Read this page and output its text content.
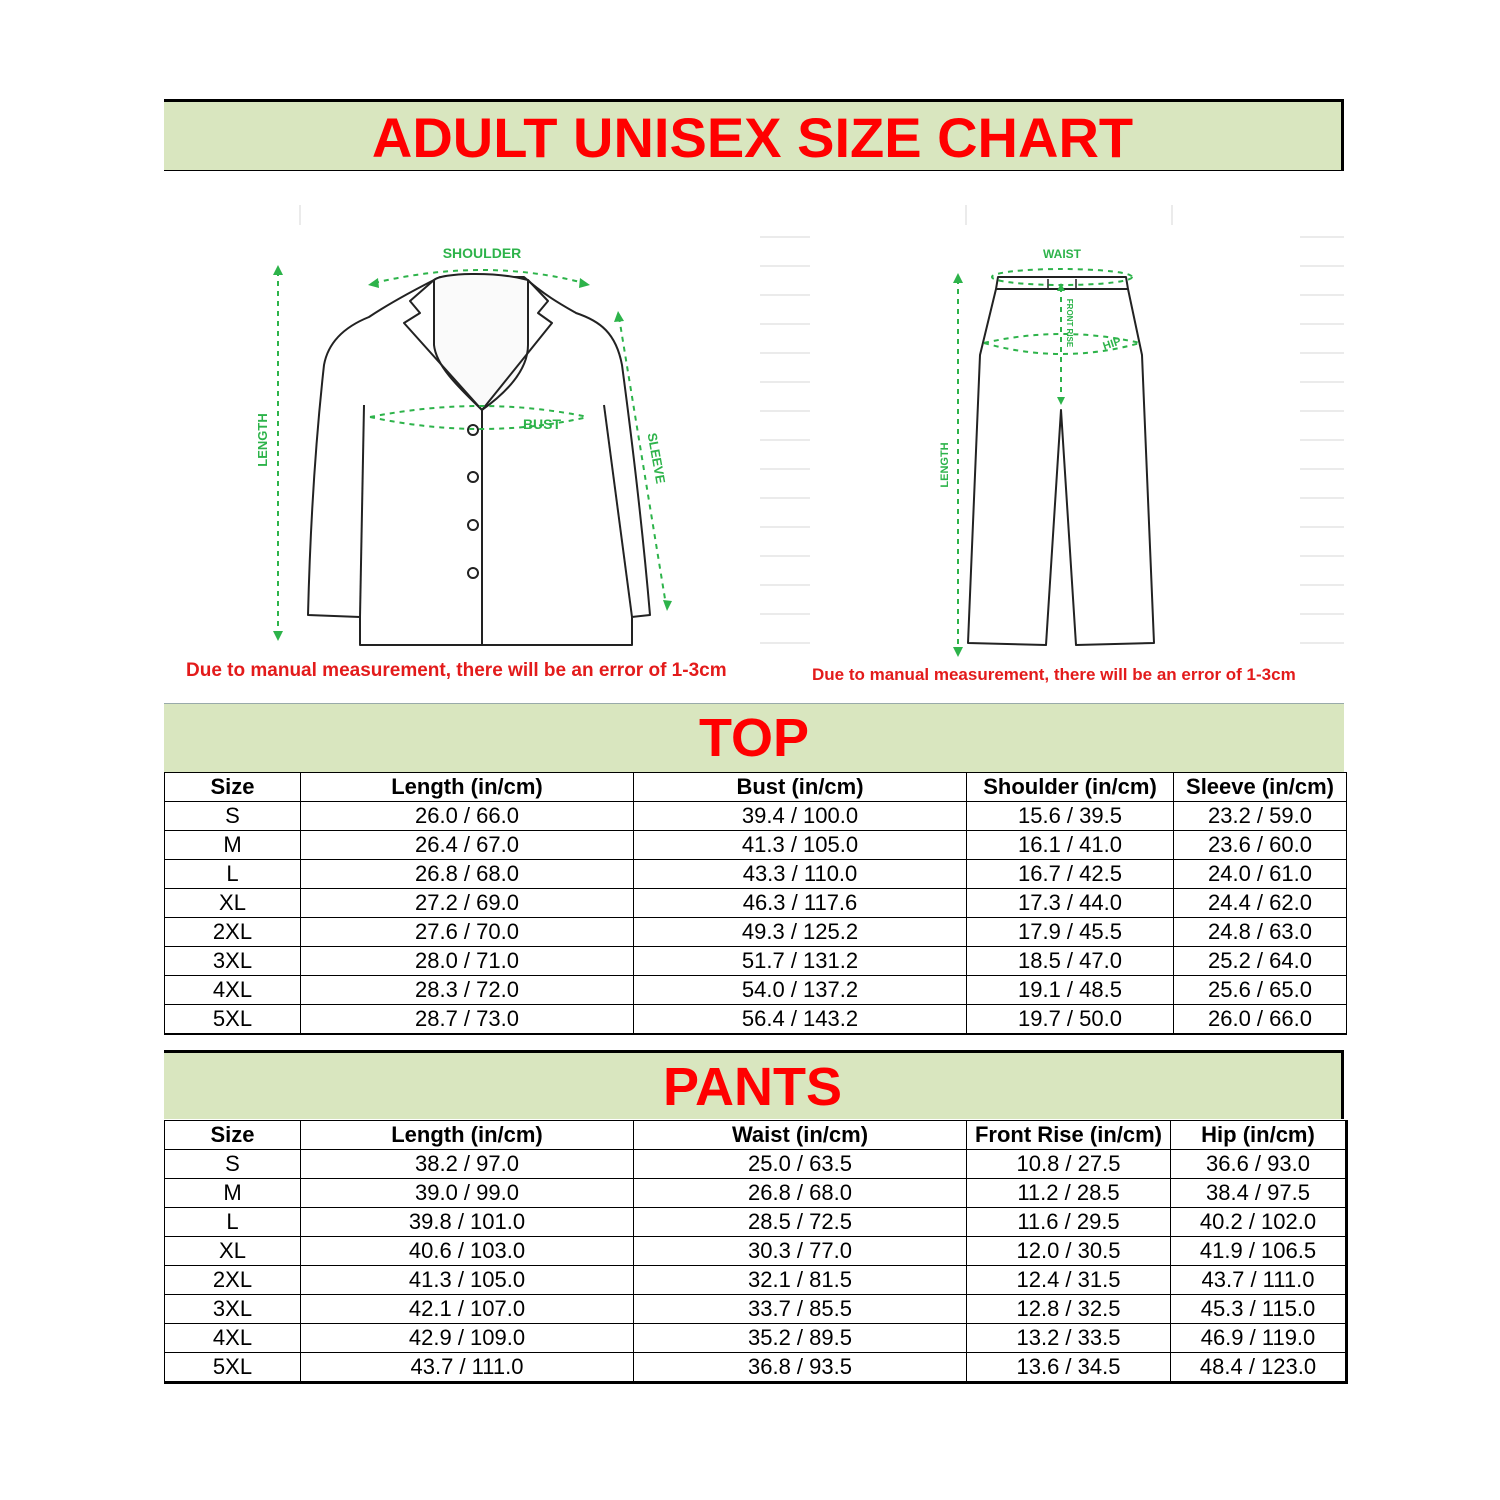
ADULT UNISEX SIZE CHART
SHOULDER
LENGTH	BUST
SLEEVE
WAIST
FRONT RISE HIP
LENGTH
Due to manual measurement, there will be an error of 1-3cm	Due to manual measurement, there will be an error of 1-3cm
TOP
Size	Length (in/cm)	Bust (in/cm)	Shoulder (in/cm)	Sleeve (in/cm)
S	26.0 / 66.0	39.4 / 100.0	15.6 / 39.5	23.2 / 59.0
M	26.4 / 67.0	41.3 / 105.0	16.1 / 41.0	23.6 / 60.0
L	26.8 / 68.0	43.3 / 110.0	16.7 / 42.5	24.0 / 61.0
XL	27.2 / 69.0	46.3 / 117.6	17.3 / 44.0	24.4 / 62.0
2XL	27.6 / 70.0	49.3 / 125.2	17.9 / 45.5	24.8 / 63.0
3XL	28.0 / 71.0	51.7 / 131.2	18.5 / 47.0	25.2 / 64.0
4XL	28.3 / 72.0	54.0 / 137.2	19.1 / 48.5	25.6 / 65.0
5XL	28.7 / 73.0	56.4 / 143.2	19.7 / 50.0	26.0 / 66.0
PANTS
Size	Length (in/cm)	Waist (in/cm)	Front Rise (in/cm)	Hip (in/cm)
S	38.2 / 97.0	25.0 / 63.5	10.8 / 27.5	36.6 / 93.0
M	39.0 / 99.0	26.8 / 68.0	11.2 / 28.5	38.4 / 97.5
L	39.8 / 101.0	28.5 / 72.5	11.6 / 29.5	40.2 / 102.0
XL	40.6 / 103.0	30.3 / 77.0	12.0 / 30.5	41.9 / 106.5
2XL	41.3 / 105.0	32.1 / 81.5	12.4 / 31.5	43.7 / 111.0
3XL	42.1 / 107.0	33.7 / 85.5	12.8 / 32.5	45.3 / 115.0
4XL	42.9 / 109.0	35.2 / 89.5	13.2 / 33.5	46.9 / 119.0
5XL	43.7 / 111.0	36.8 / 93.5	13.6 / 34.5	48.4 / 123.0
